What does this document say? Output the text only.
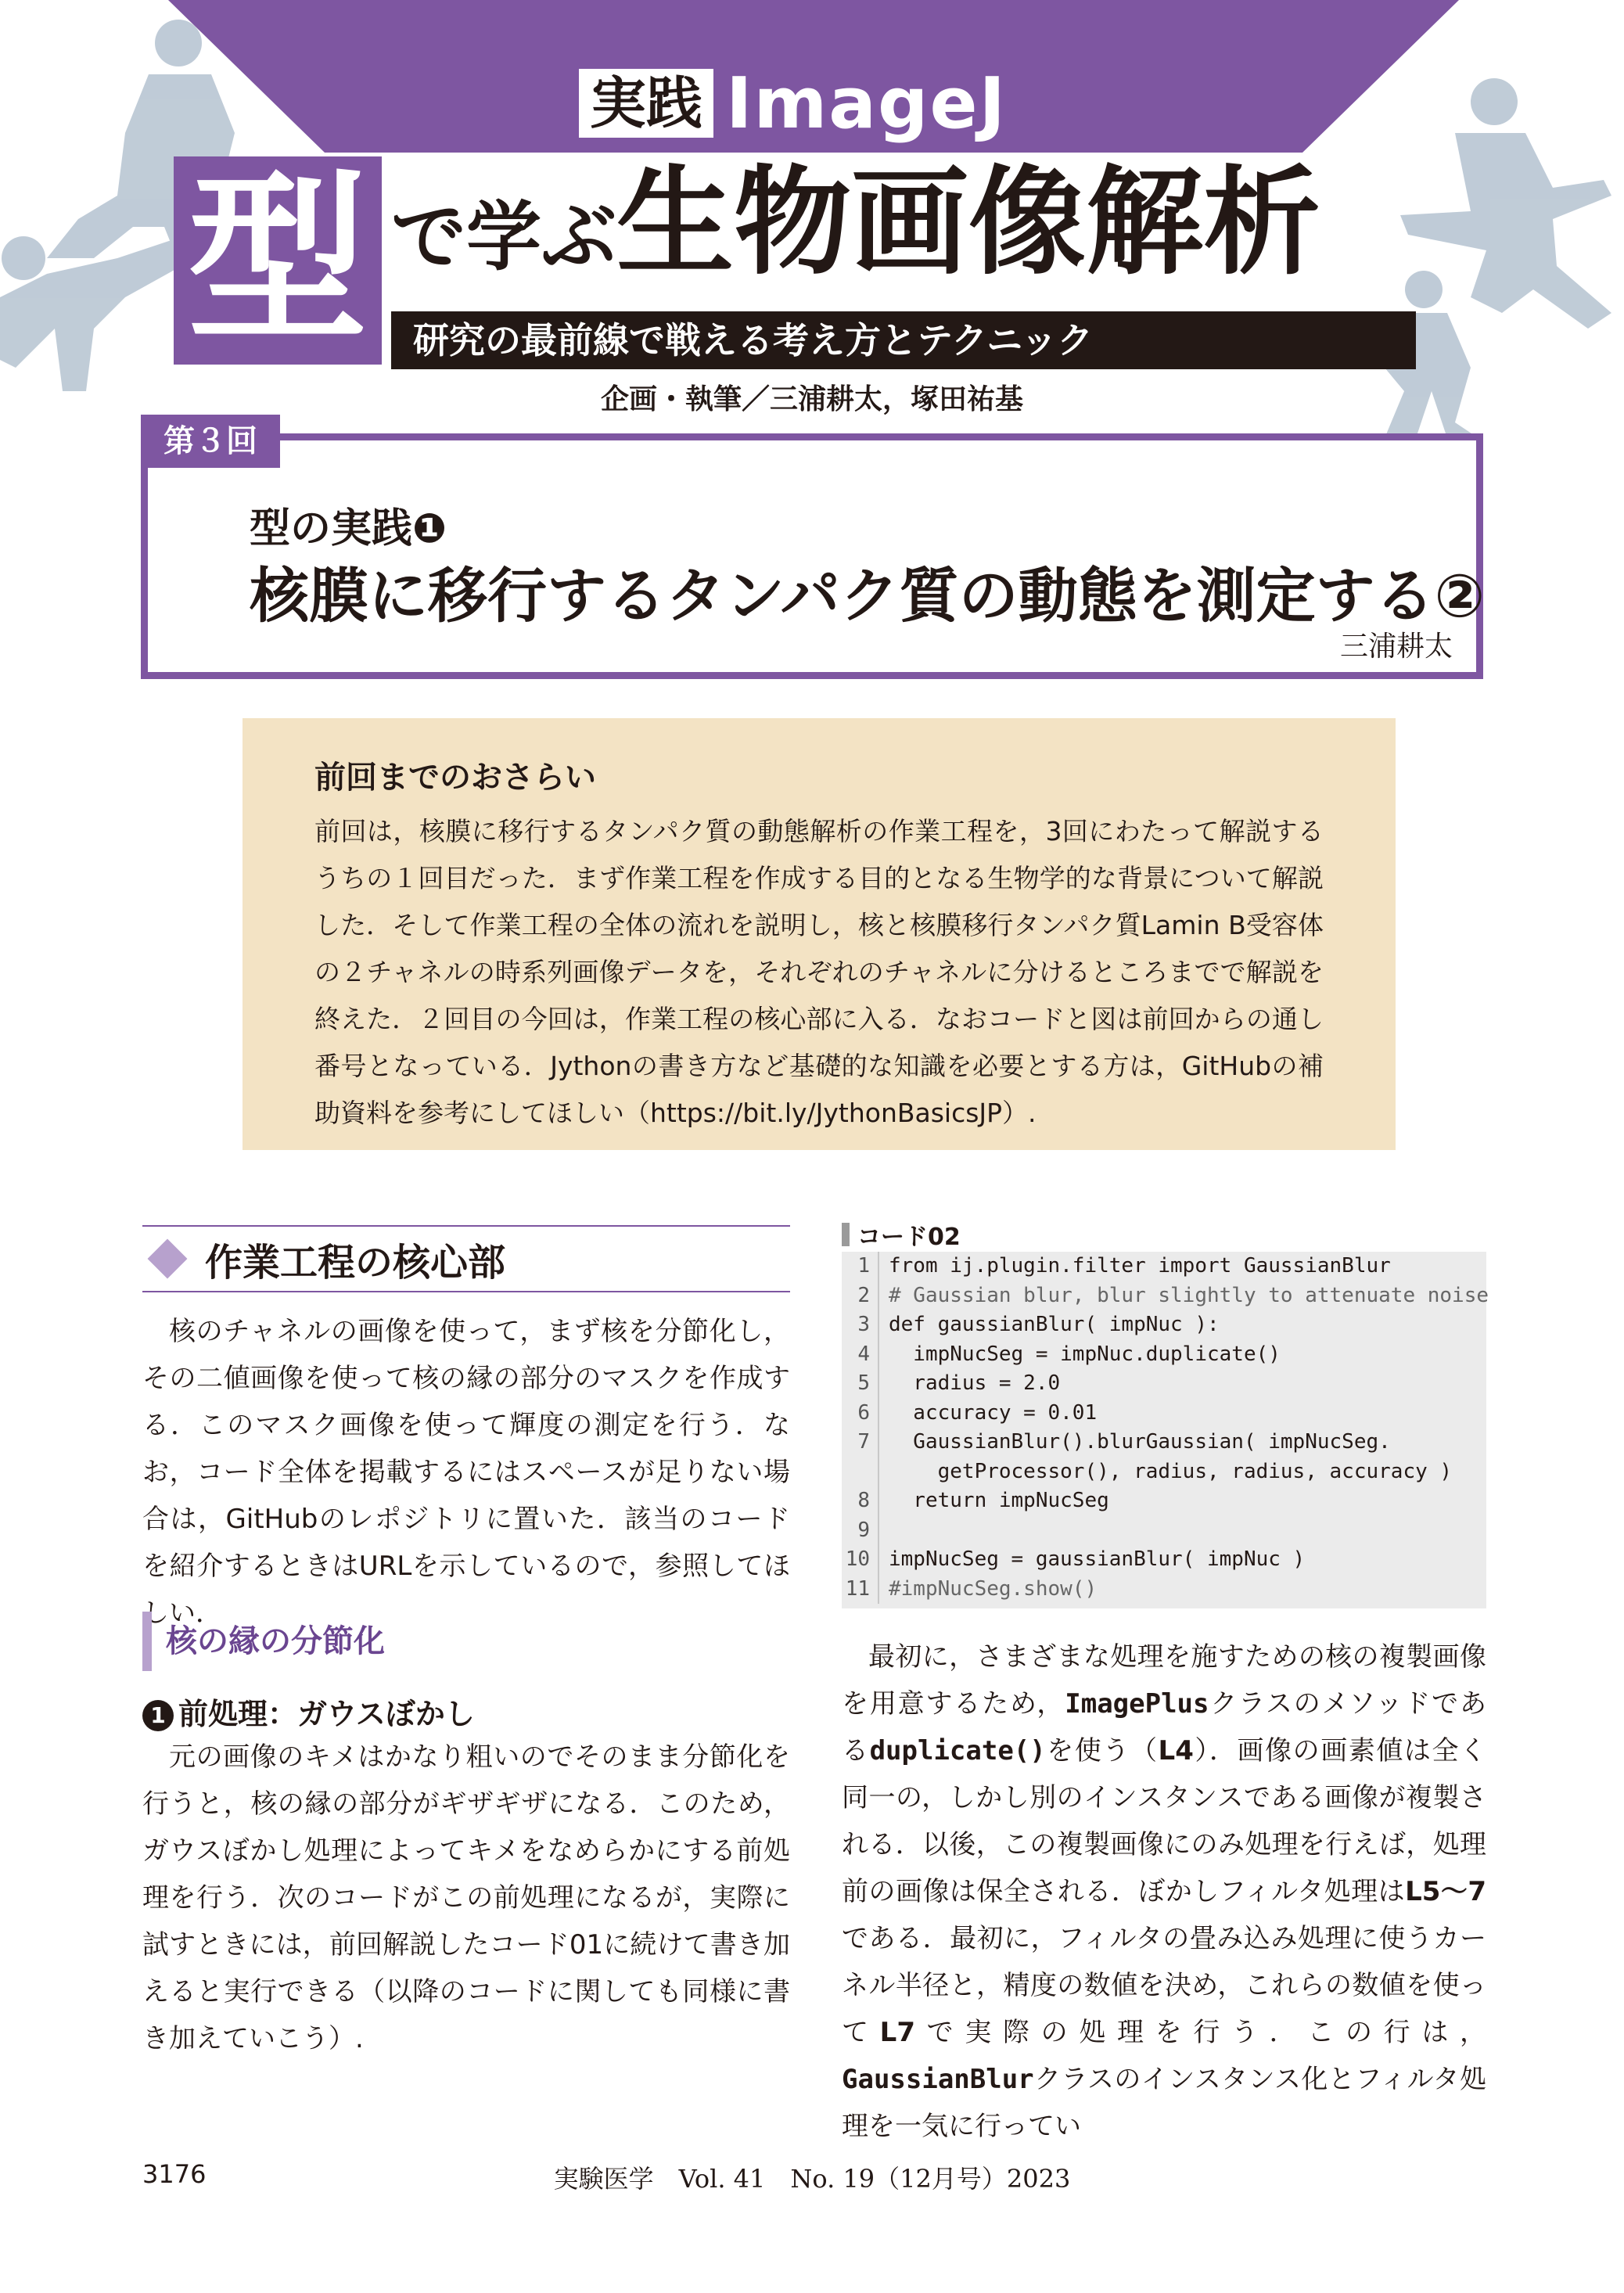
実践 ImageJ
型 で学ぶ生物画像解析
研究の最前線で戦える考え方とテクニック
企画・執筆／三浦耕太，塚田祐基
型の実践❶
核膜に移行するタンパク質の動態を測定する②
三浦耕太
第３回
前回までのおさらい

前回は，核膜に移行するタンパク質の動態解析の作業工程を，3回にわたって解説するうちの１回目だった．まず作業工程を作成する目的となる生物学的な背景について解説した．そして作業工程の全体の流れを説明し，核と核膜移行タンパク質Lamin B受容体の２チャネルの時系列画像データを，それぞれのチャネルに分けるところまでで解説を終えた．２回目の今回は，作業工程の核心部に入る．なおコードと図は前回からの通し番号となっている．Jythonの書き方など基礎的な知識を必要とする方は，GitHubの補助資料を参考にしてほしい（https://bit.ly/JythonBasicsJP）.

作業工程の核心部

核のチャネルの画像を使って，まず核を分節化し，その二値画像を使って核の縁の部分のマスクを作成する．このマスク画像を使って輝度の測定を行う．なお，コード全体を掲載するにはスペースが足りない場合は，GitHubのレポジトリに置いた．該当のコードを紹介するときはURLを示しているので，参照してほしい．

核の縁の分節化
1 前処理：ガウスぼかし

元の画像のキメはかなり粗いのでそのまま分節化を行うと，核の縁の部分がギザギザになる．このため，ガウスぼかし処理によってキメをなめらかにする前処理を行う．次のコードがこの前処理になるが，実際に試すときには，前回解説したコード01に続けて書き加えると実行できる（以降のコードに関しても同様に書き加えていこう）.

コード02
1 from ij.plugin.filter import GaussianBlur
2 # Gaussian blur, blur slightly to attenuate noise
3 def gaussianBlur( impNuc ):
4 impNucSeg = impNuc.duplicate()
5 radius = 2.0
6 accuracy = 0.01
7 GaussianBlur().blurGaussian( impNucSeg.
getProcessor(), radius, radius, accuracy )
8 return impNucSeg
9
10 impNucSeg = gaussianBlur( impNuc )
11 #impNucSeg.show()

最初に，さまざまな処理を施すための核の複製画像を用意するため，ImagePlusクラスのメソッドであるduplicate()を使う（L4）．画像の画素値は全く同一の，しかし別のインスタンスである画像が複製される．以後，この複製画像にのみ処理を行えば，処理前の画像は保全される．ぼかしフィルタ処理はL5～7である．最初に，フィルタの畳み込み処理に使うカーネル半径と，精度の数値を決め，これらの数値を使ってL7で実際の処理を行う．この行は，GaussianBlurクラスのインスタンス化とフィルタ処理を一気に行ってい

3176	実験医学　Vol. 41　No. 19（12月号）2023
